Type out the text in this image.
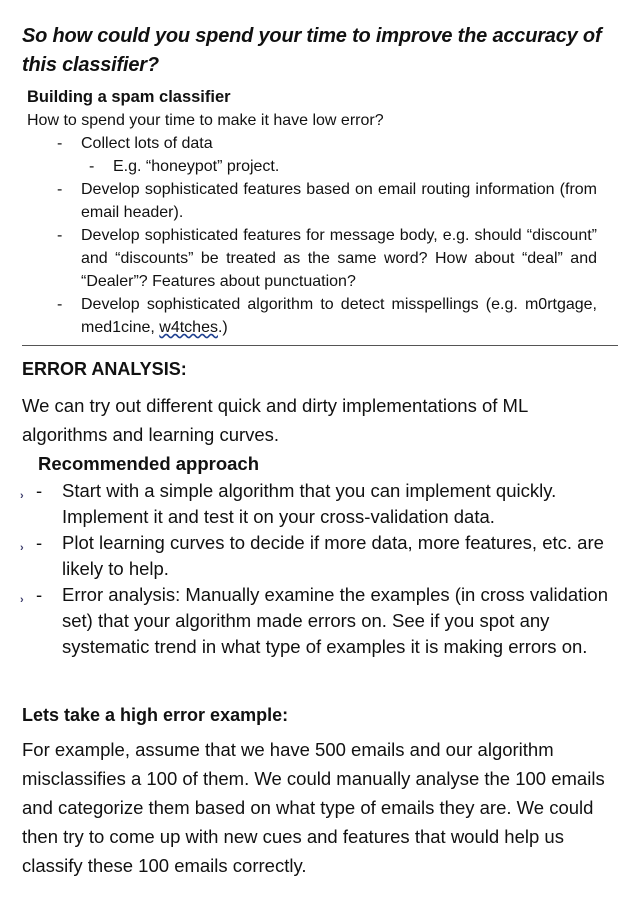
So how could you spend your time to improve the accuracy of this classifier?
Building a spam classifier
How to spend your time to make it have low error?
- Collect lots of data
- E.g. “honeypot” project.
- Develop sophisticated features based on email routing information (from email header).
- Develop sophisticated features for message body, e.g. should “discount” and “discounts” be treated as the same word? How about “deal” and “Dealer”? Features about punctuation?
- Develop sophisticated algorithm to detect misspellings (e.g. m0rtgage, med1cine, w4tches.)
ERROR ANALYSIS:
We can try out different quick and dirty implementations of ML algorithms and learning curves.
Recommended approach
› - Start with a simple algorithm that you can implement quickly. Implement it and test it on your cross-validation data.
› - Plot learning curves to decide if more data, more features, etc. are likely to help.
› - Error analysis: Manually examine the examples (in cross validation set) that your algorithm made errors on. See if you spot any systematic trend in what type of examples it is making errors on.
Lets take a high error example:
For example, assume that we have 500 emails and our algorithm misclassifies a 100 of them. We could manually analyse the 100 emails and categorize them based on what type of emails they are. We could then try to come up with new cues and features that would help us classify these 100 emails correctly.
